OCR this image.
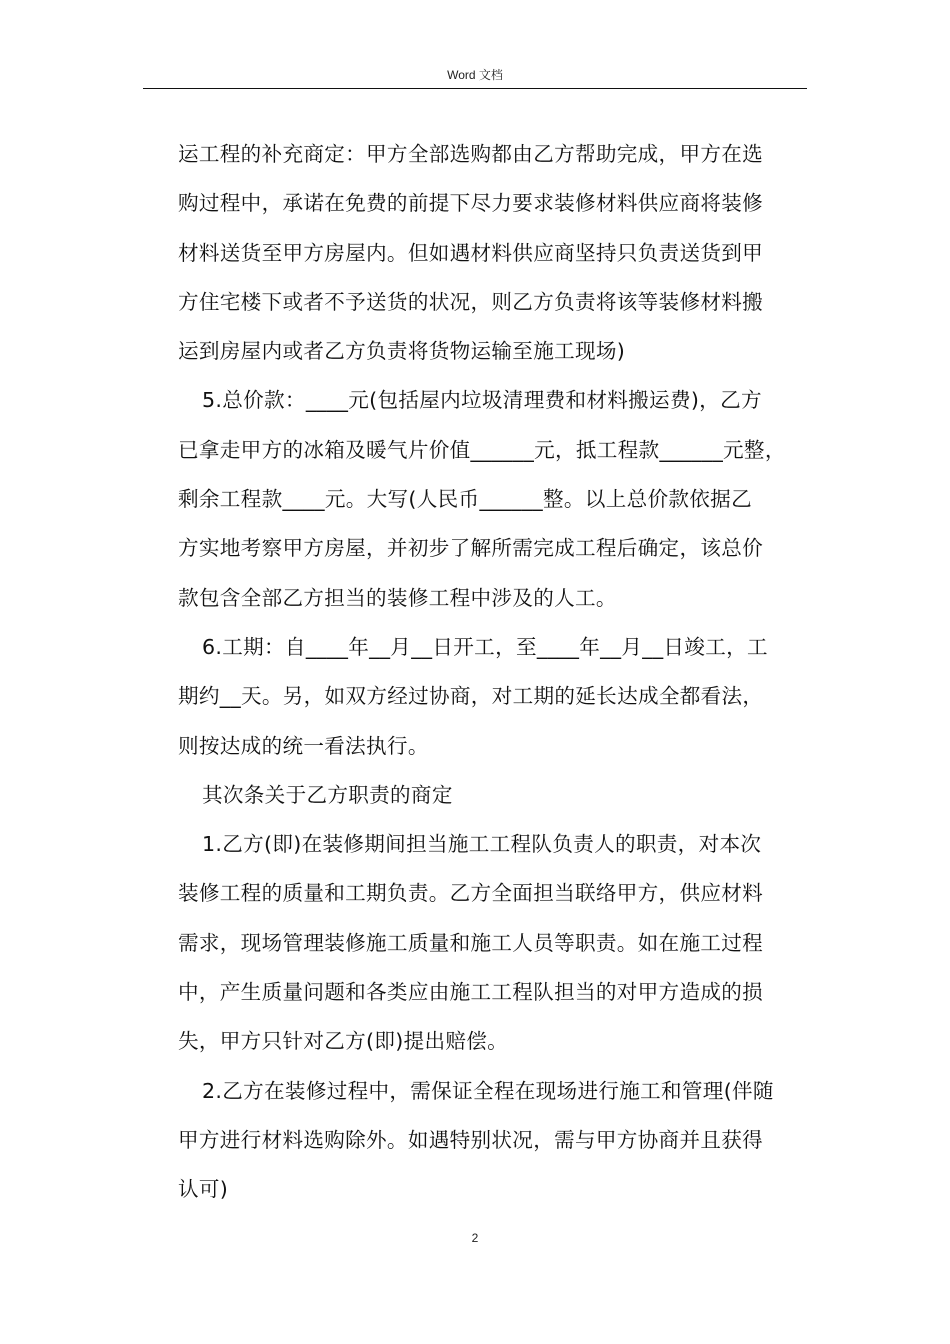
Word 文档
运工程的补充商定：甲方全部选购都由乙方帮助完成，甲方在选
购过程中，承诺在免费的前提下尽力要求装修材料供应商将装修
材料送货至甲方房屋内。但如遇材料供应商坚持只负责送货到甲
方住宅楼下或者不予送货的状况，则乙方负责将该等装修材料搬
运到房屋内或者乙方负责将货物运输至施工现场)
5.总价款：____元(包括屋内垃圾清理费和材料搬运费)，乙方
已拿走甲方的冰箱及暖气片价值______元，抵工程款______元整，
剩余工程款____元。大写(人民币______整。以上总价款依据乙
方实地考察甲方房屋，并初步了解所需完成工程后确定，该总价
款包含全部乙方担当的装修工程中涉及的人工。
6.工期：自____年__月__日开工，至____年__月__日竣工，工
期约__天。另，如双方经过协商，对工期的延长达成全都看法，
则按达成的统一看法执行。
其次条关于乙方职责的商定
1.乙方(即)在装修期间担当施工工程队负责人的职责，对本次
装修工程的质量和工期负责。乙方全面担当联络甲方，供应材料
需求，现场管理装修施工质量和施工人员等职责。如在施工过程
中，产生质量问题和各类应由施工工程队担当的对甲方造成的损
失，甲方只针对乙方(即)提出赔偿。
2.乙方在装修过程中，需保证全程在现场进行施工和管理(伴随
甲方进行材料选购除外。如遇特别状况，需与甲方协商并且获得
认可)
2
